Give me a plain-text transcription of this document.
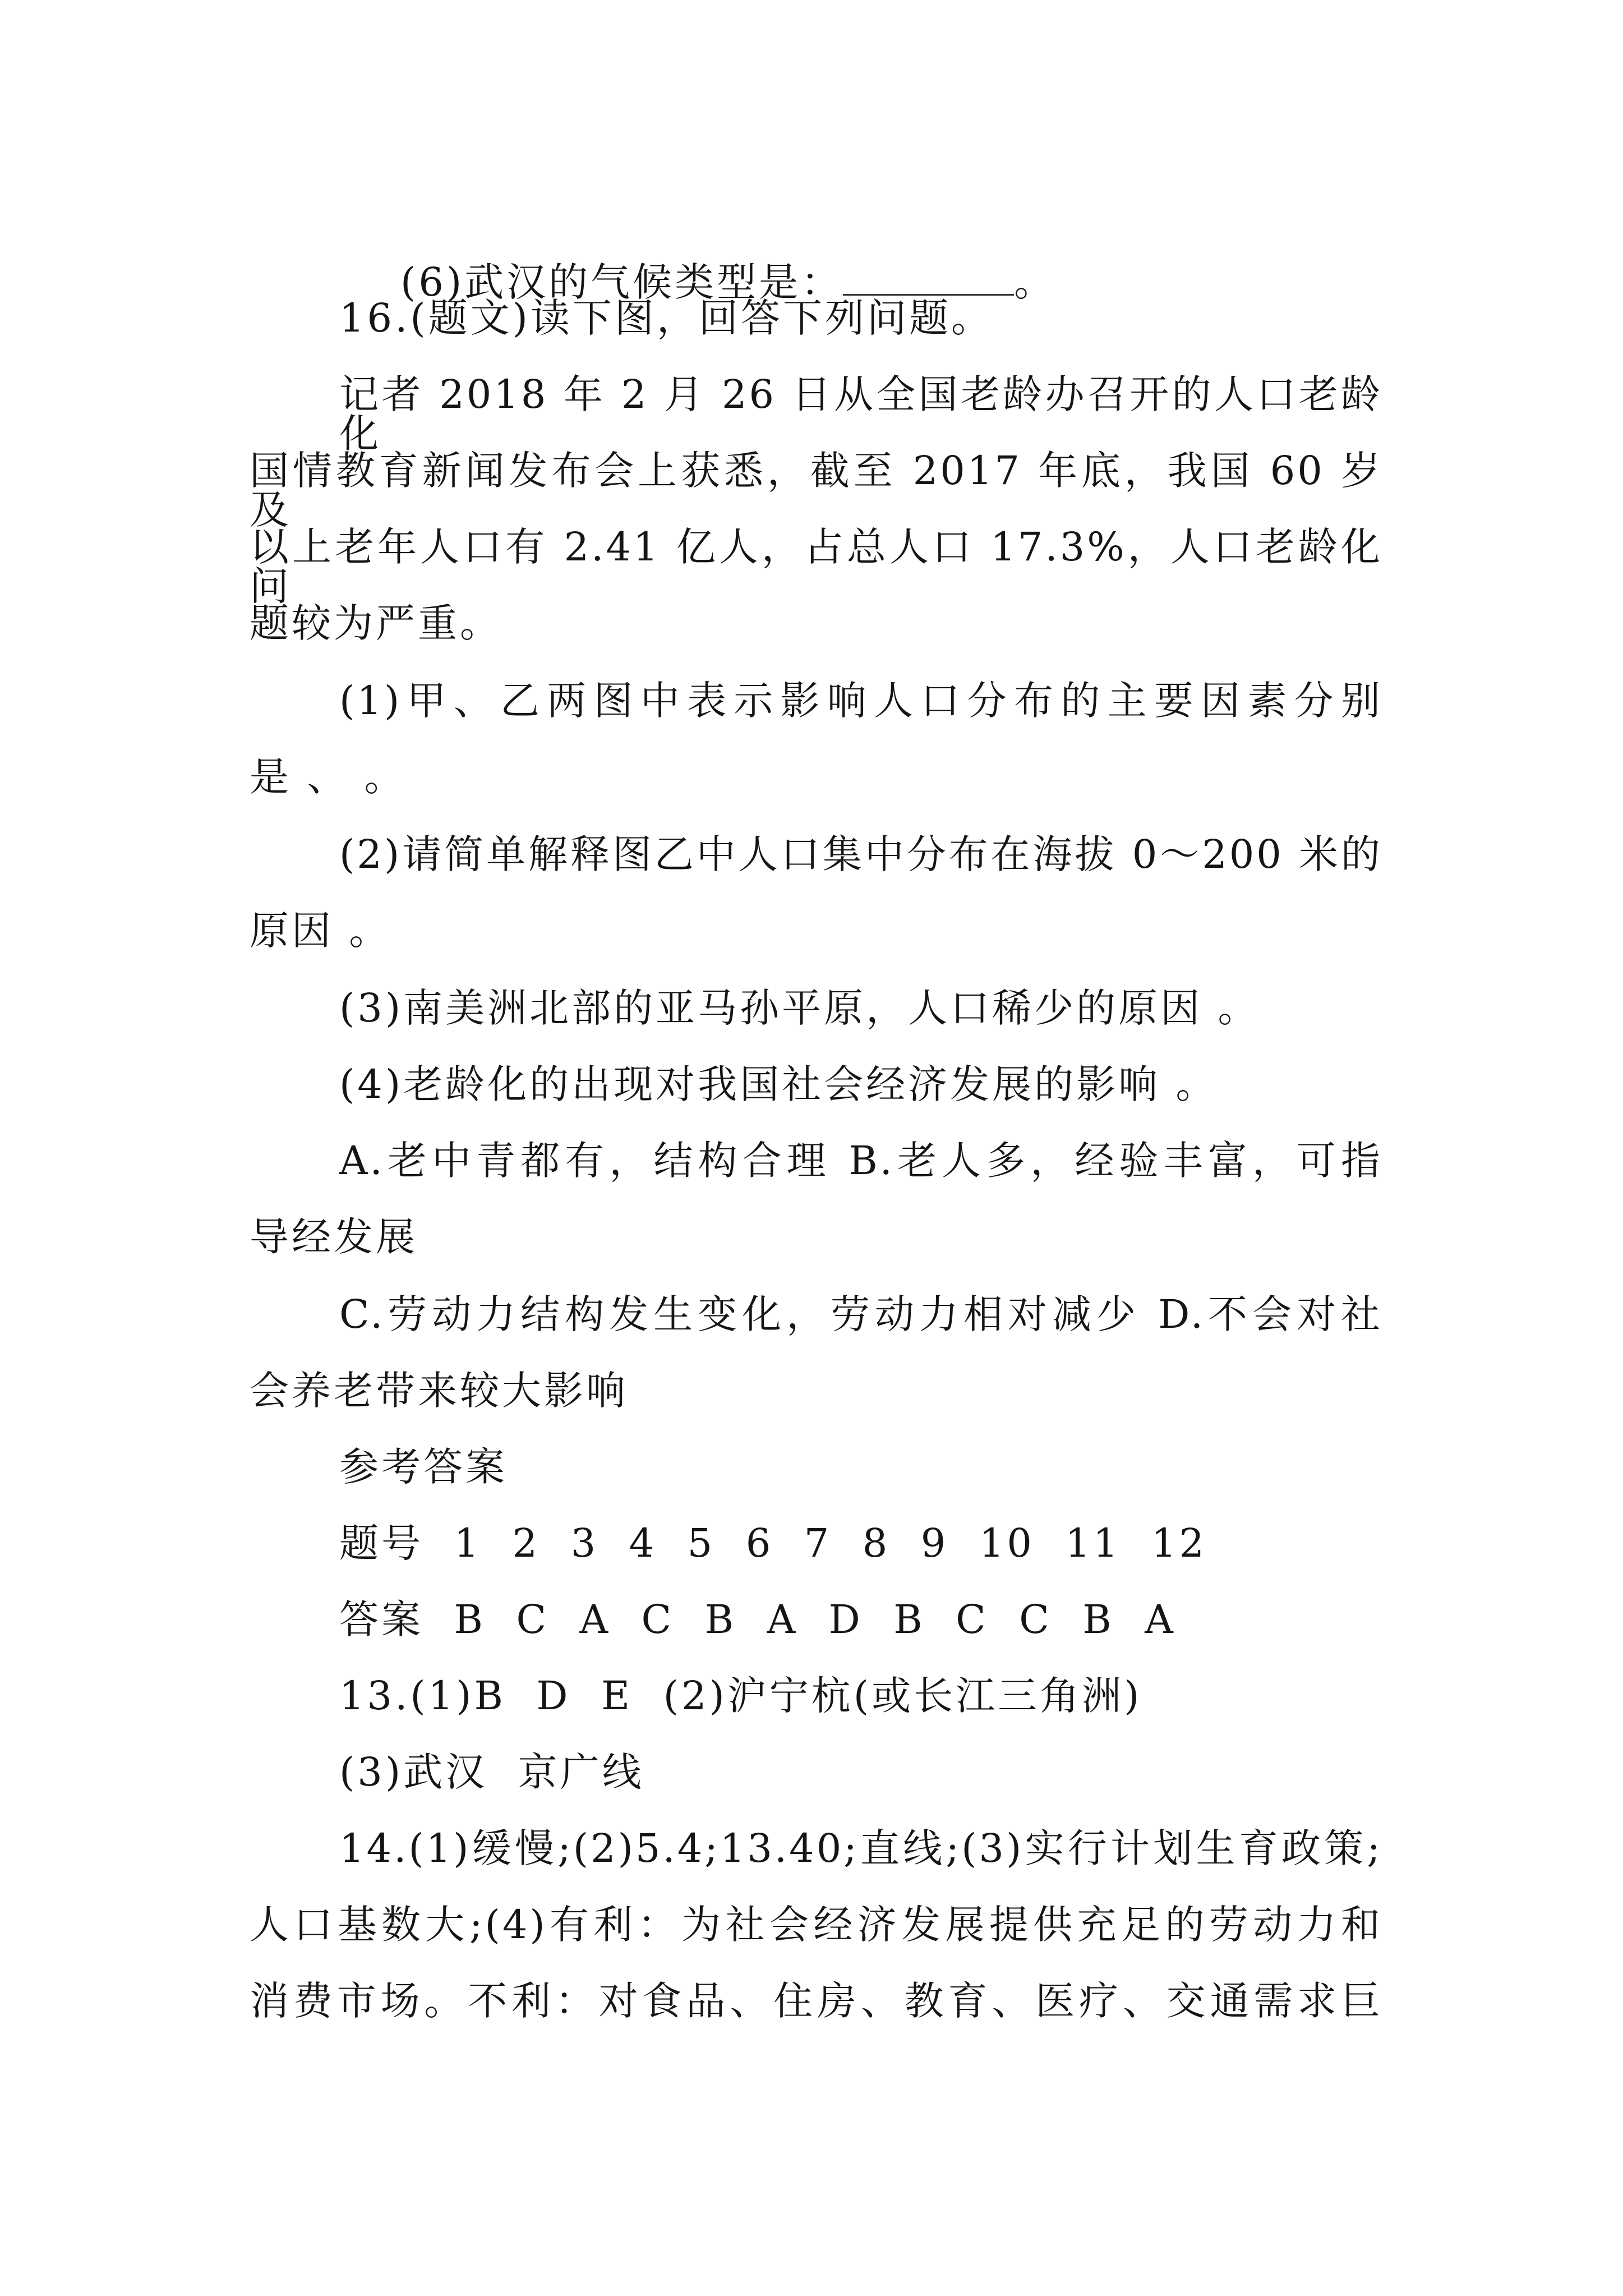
(6)武汉的气候类型是：	。

16.(题文)读下图，回答下列问题。
记者 2018 年 2 月 26 日从全国老龄办召开的人口老龄化
国情教育新闻发布会上获悉，截至 2017 年底，我国 60 岁及
以上老年人口有 2.41 亿人，占总人口 17.3%，人口老龄化问
题较为严重。
(1)甲、乙两图中表示影响人口分布的主要因素分别
是 、 。
(2)请简单解释图乙中人口集中分布在海拔 0～200 米的
原因 。
(3)南美洲北部的亚马孙平原，人口稀少的原因 。
(4)老龄化的出现对我国社会经济发展的影响 。
A.老中青都有，结构合理 B.老人多，经验丰富，可指
导经发展
C.劳动力结构发生变化，劳动力相对减少 D.不会对社
会养老带来较大影响
参考答案
题号  1  2  3  4  5  6  7  8  9  10  11  12
答案  B  C  A  C  B  A  D  B  C  C  B  A
13.(1)B  D  E  (2)沪宁杭(或长江三角洲)
(3)武汉  京广线
14.(1)缓慢;(2)5.4;13.40;直线;(3)实行计划生育政策;
人口基数大;(4)有利：为社会经济发展提供充足的劳动力和
消费市场。不利：对食品、住房、教育、医疗、交通需求巨
